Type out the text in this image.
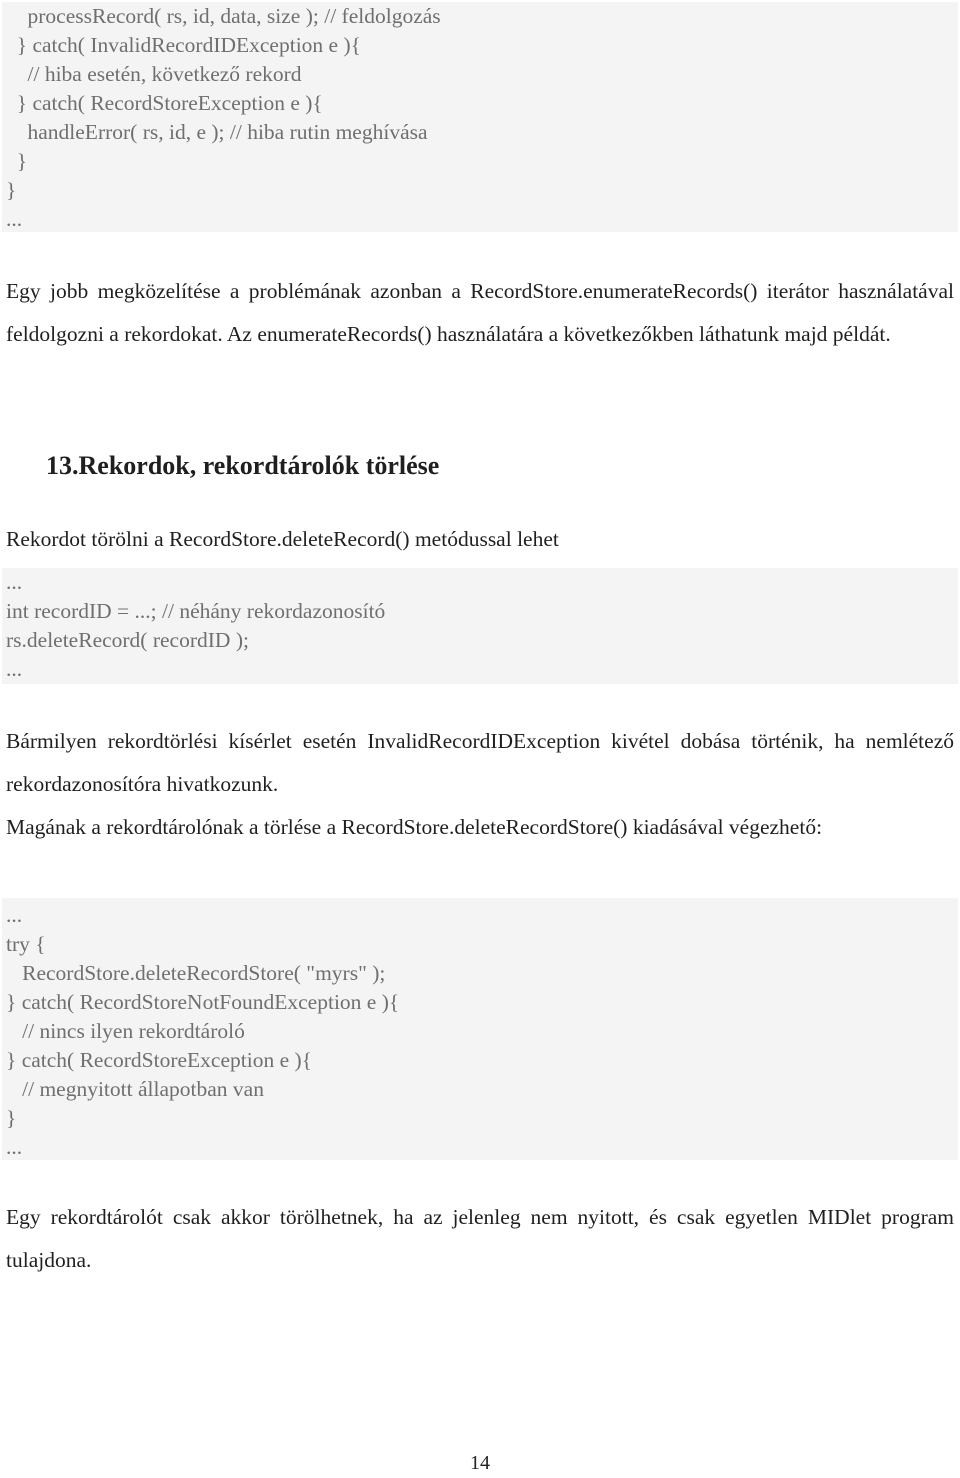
processRecord( rs, id, data, size ); // feldolgozás
} catch( InvalidRecordIDException e ){
// hiba esetén, következő rekord
} catch( RecordStoreException e ){
handleError( rs, id, e ); // hiba rutin meghívása
}
}
...
Egy jobb megközelítése a problémának azonban a RecordStore.enumerateRecords() iterátor használatával feldolgozni a rekordokat. Az enumerateRecords() használatára a következőkben láthatunk majd példát.
13.Rekordok, rekordtárolók törlése
Rekordot törölni a RecordStore.deleteRecord() metódussal lehet
...
int recordID = ...; // néhány rekordazonosító
rs.deleteRecord( recordID );
...
Bármilyen rekordtörlési kísérlet esetén InvalidRecordIDException kivétel dobása történik, ha nemlétező rekordazonosítóra hivatkozunk.
Magának a rekordtárolónak a törlése a RecordStore.deleteRecordStore() kiadásával végezhető:
...
try {
RecordStore.deleteRecordStore( "myrs" );
} catch( RecordStoreNotFoundException e ){
// nincs ilyen rekordtároló
} catch( RecordStoreException e ){
// megnyitott állapotban van
}
...
Egy rekordtárolót csak akkor törölhetnek, ha az jelenleg nem nyitott, és csak egyetlen MIDlet program tulajdona.
14
